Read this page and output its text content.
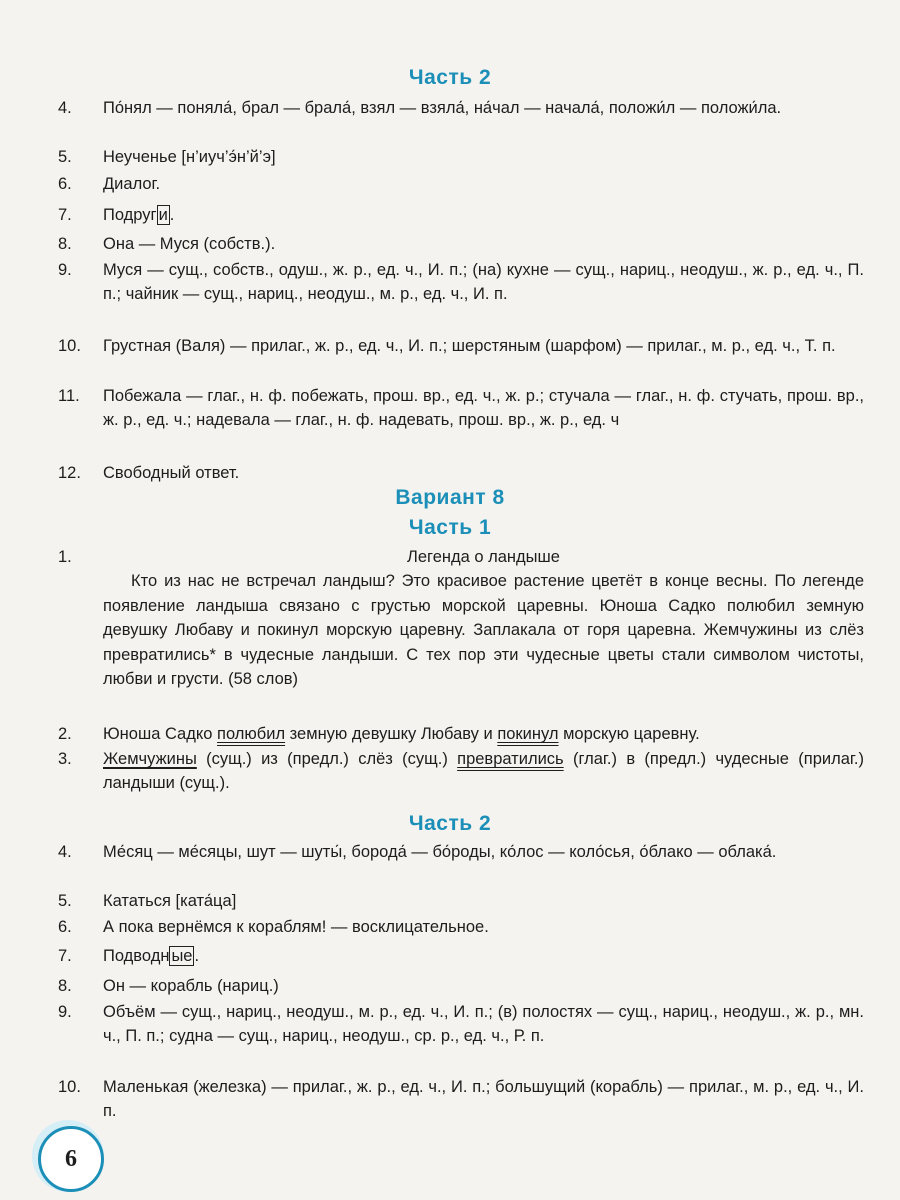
Часть 2
4.	По́нял — поняла́, брал — брала́, взял — взяла́, на́чал — начала́, положи́л — положи́ла.
5.	Неученье [н’иуч’э́н’й’э]
6.	Диалог.
7.	Подруг и .
8.	Она — Муся (собств.).
9.	Муся — сущ., собств., одуш., ж. р., ед. ч., И. п.; (на) кухне — сущ., нариц., неодуш., ж. р., ед. ч., П. п.; чайник — сущ., нариц., неодуш., м. р., ед. ч., И. п.
10.	Грустная (Валя) — прилаг., ж. р., ед. ч., И. п.; шерстяным (шарфом) — прилаг., м. р., ед. ч., Т. п.
11.	Побежала — глаг., н. ф. побежать, прош. вр., ед. ч., ж. р.; стучала — глаг., н. ф. стучать, прош. вр., ж. р., ед. ч.; надевала — глаг., н. ф. надевать, прош. вр., ж. р., ед. ч
12.	Свободный ответ.
Вариант 8
Часть 1
1.	Легенда о ландыше
Кто из нас не встречал ландыш? Это красивое растение цветёт в конце весны. По легенде появление ландыша связано с грустью морской царевны. Юноша Садко полюбил земную девушку Любаву и покинул морскую царевну. Заплакала от горя царевна. Жемчужины из слёз превратились* в чудесные ландыши. С тех пор эти чудесные цветы стали символом чистоты, любви и грусти. (58 слов)
2.	Юноша Садко полюбил земную девушку Любаву и покинул морскую царевну.
3.	Жемчужины (сущ.) из (предл.) слёз (сущ.) превратились (глаг.) в (предл.) чудесные (прилаг.) ландыши (сущ.).
Часть 2
4.	Ме́сяц — ме́сяцы, шут — шуты́, борода́ — бо́роды, ко́лос — коло́сья, о́блако — облака́.
5.	Кататься [ката́ца]
6.	А пока вернёмся к кораблям! — восклицательное.
7.	Подводн ые .
8.	Он — корабль (нариц.)
9.	Объём — сущ., нариц., неодуш., м. р., ед. ч., И. п.; (в) полостях — сущ., нариц., неодуш., ж. р., мн. ч., П. п.; судна — сущ., нариц., неодуш., ср. р., ед. ч., Р. п.
10.	Маленькая (железка) — прилаг., ж. р., ед. ч., И. п.; большущий (корабль) — прилаг., м. р., ед. ч., И. п.
6
